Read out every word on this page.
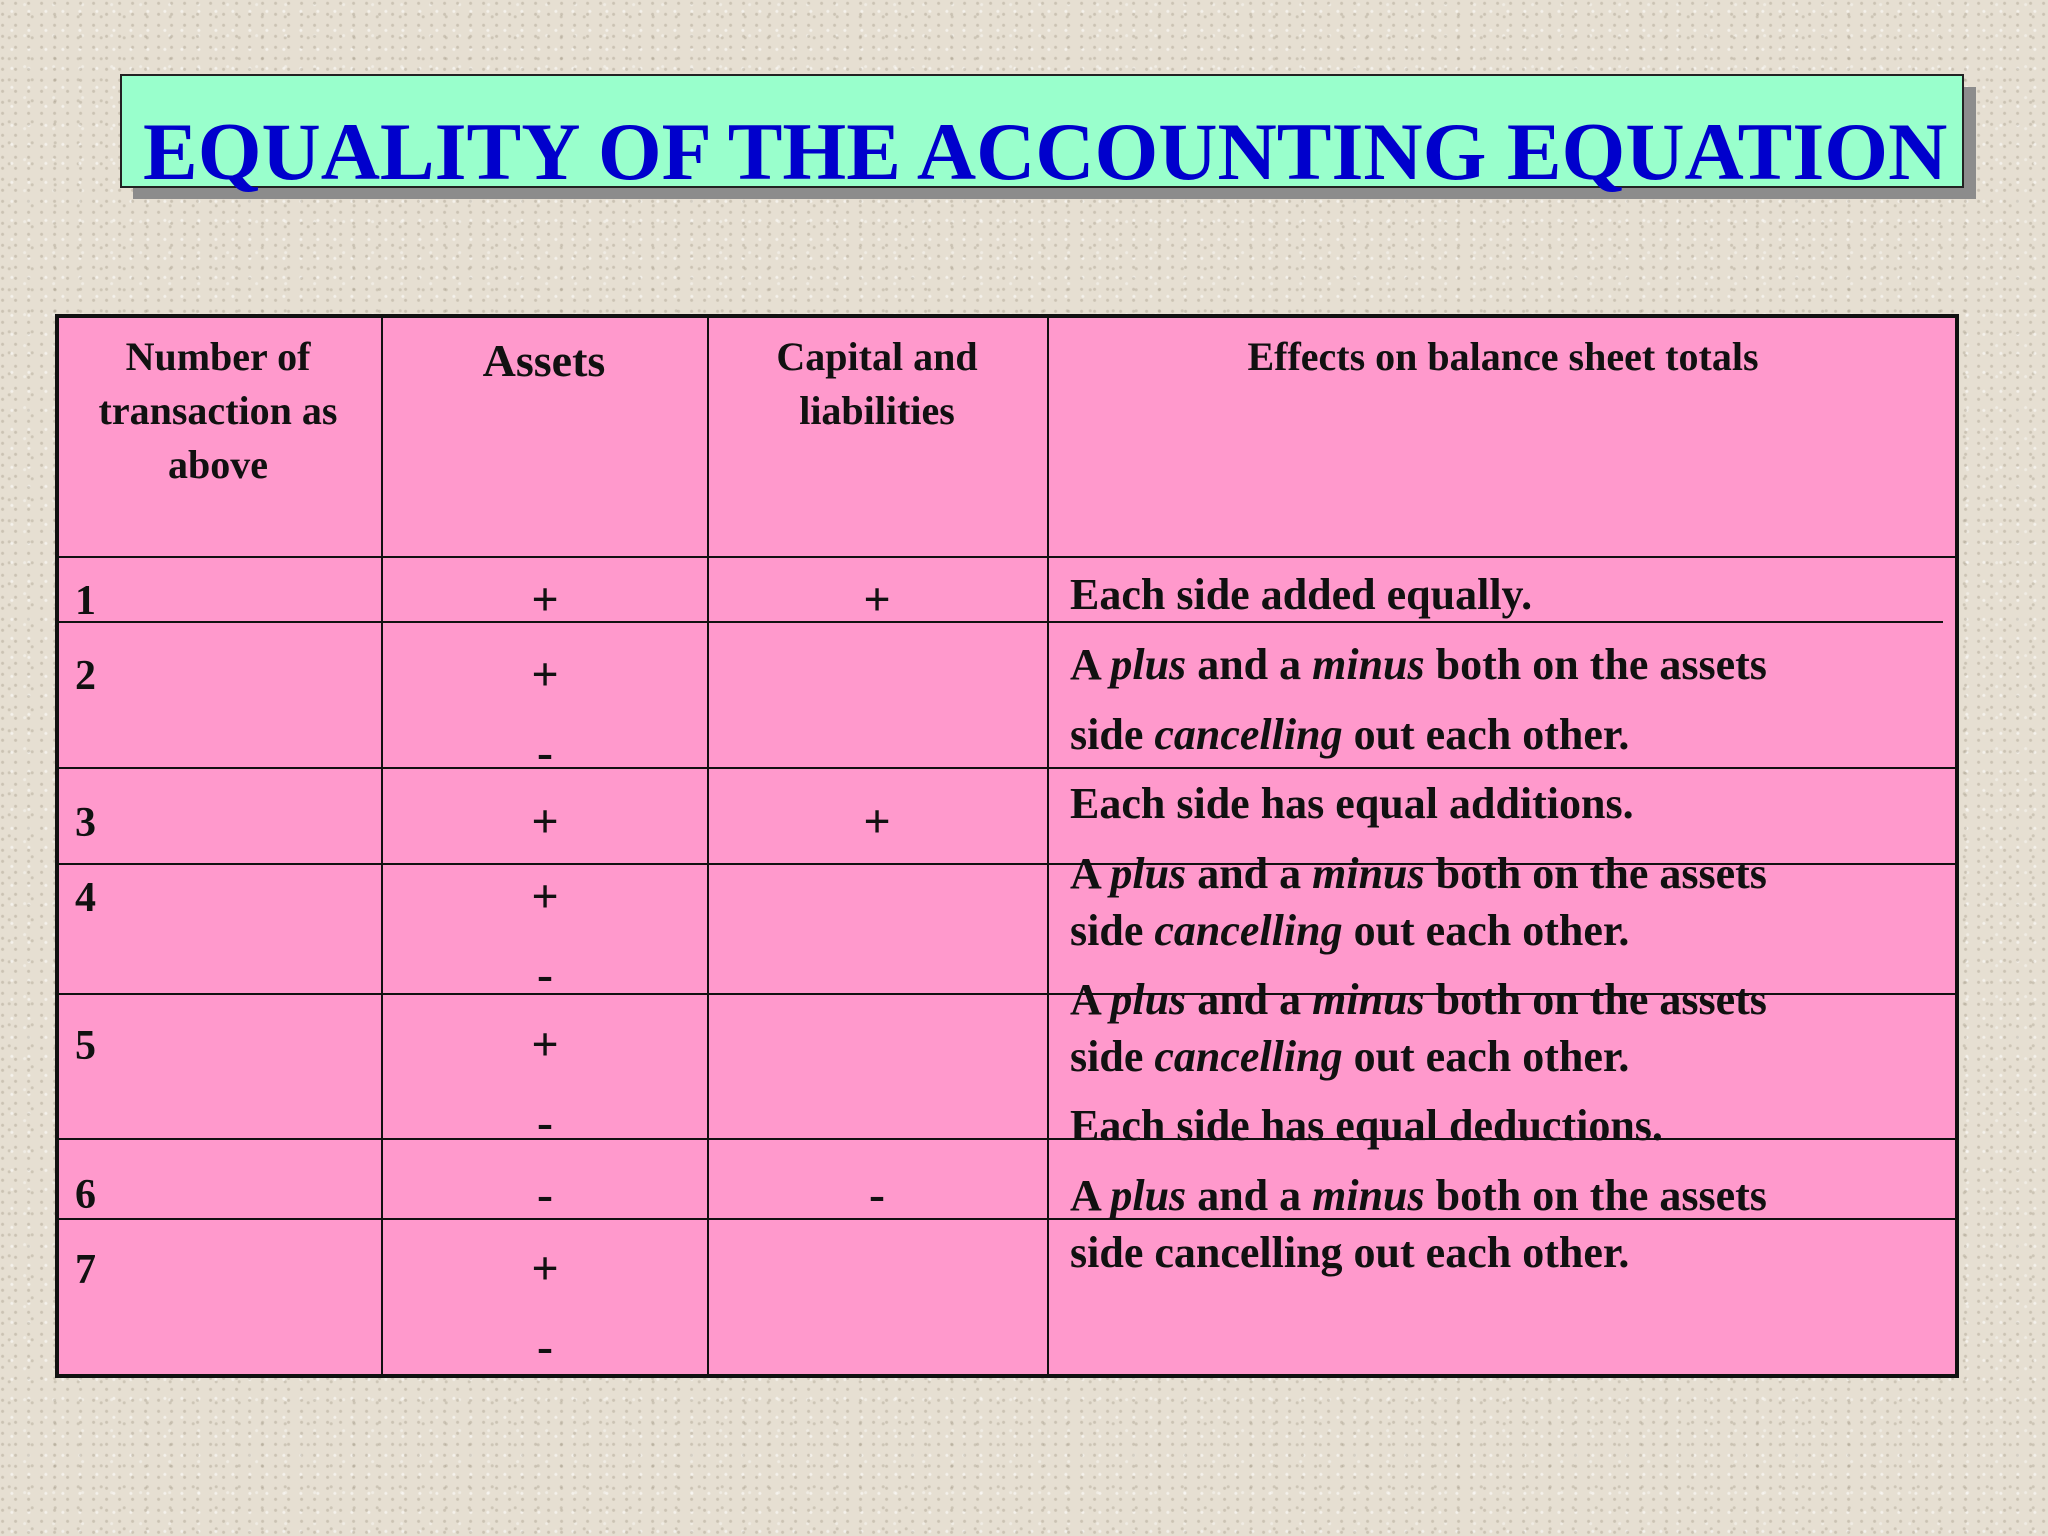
EQUALITY OF THE ACCOUNTING EQUATION
Number of transaction as above
Assets	Capital and liabilities
Effects on balance sheet totals
1
2
3
4
5
6
7
+
+
-
+
+
-
+
-
-
+
-
+
+
-
Each side added equally.
A plus and a minus both on the assets
side cancelling out each other.
Each side has equal additions.
A plus and a minus both on the assets
side cancelling out each other.
A plus and a minus both on the assets
side cancelling out each other.
Each side has equal deductions.
A plus and a minus both on the assets
side cancelling out each other.
